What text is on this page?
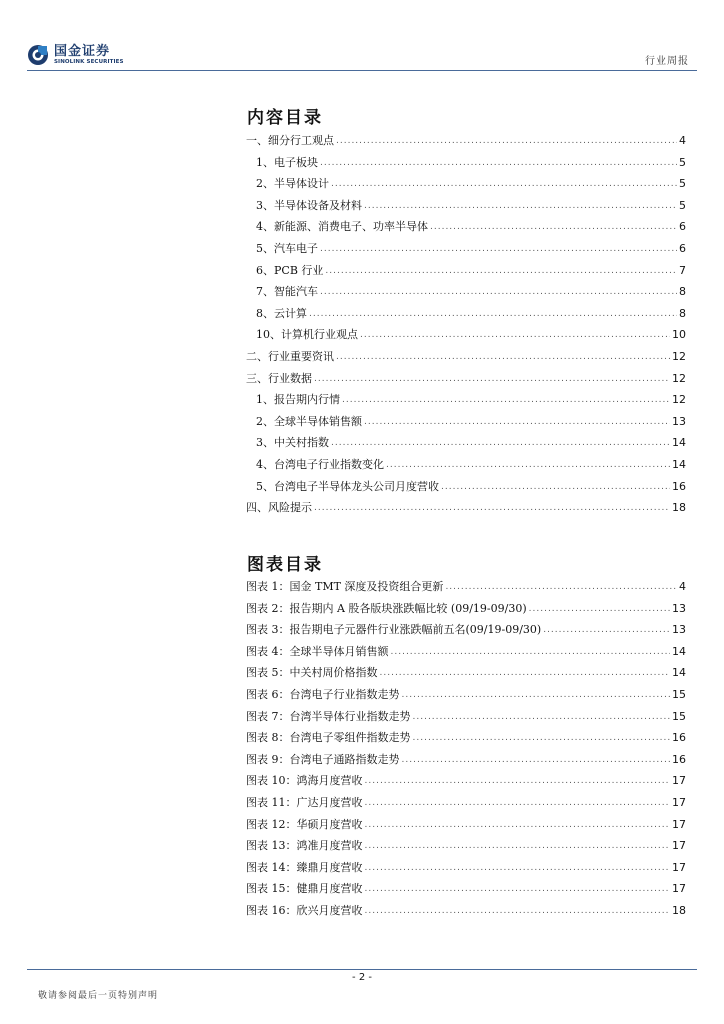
国金证券
SINOLINK SECURITIES	行业周报
内容目录
一、细分行工观点 .....	4
1、电子板块 .....	5
2、半导体设计 .....	5
3、半导体设备及材料 .....	5
4、新能源、消费电子、功率半导体 .....	6
5、汽车电子 .....	6
6、PCB 行业 .....	7
7、智能汽车 .....	8
8、云计算 .....	8
10、计算机行业观点 .....	10
二、行业重要资讯 .....	12
三、行业数据 .....	12
1、报告期内行情 .....	12
2、全球半导体销售额 .....	13
3、中关村指数 .....	14
4、台湾电子行业指数变化 .....	14
5、台湾电子半导体龙头公司月度营收 .....	16
四、风险提示 .....	18
图表目录
图表 1：国金 TMT 深度及投资组合更新 .....	4
图表 2：报告期内 A 股各版块涨跌幅比较 (09/19-09/30) .....	13
图表 3：报告期电子元器件行业涨跌幅前五名(09/19-09/30) .....	13
图表 4：全球半导体月销售额 .....	14
图表 5：中关村周价格指数 .....	14
图表 6：台湾电子行业指数走势 .....	15
图表 7：台湾半导体行业指数走势 .....	15
图表 8：台湾电子零组件指数走势 .....	16
图表 9：台湾电子通路指数走势 .....	16
图表 10：鸿海月度营收 .....	17
图表 11：广达月度营收 .....	17
图表 12：华硕月度营收 .....	17
图表 13：鸿准月度营收 .....	17
图表 14：臻鼎月度营收 .....	17
图表 15：健鼎月度营收 .....	17
图表 16：欣兴月度营收 .....	18
- 2 -
敬请参阅最后一页特别声明
